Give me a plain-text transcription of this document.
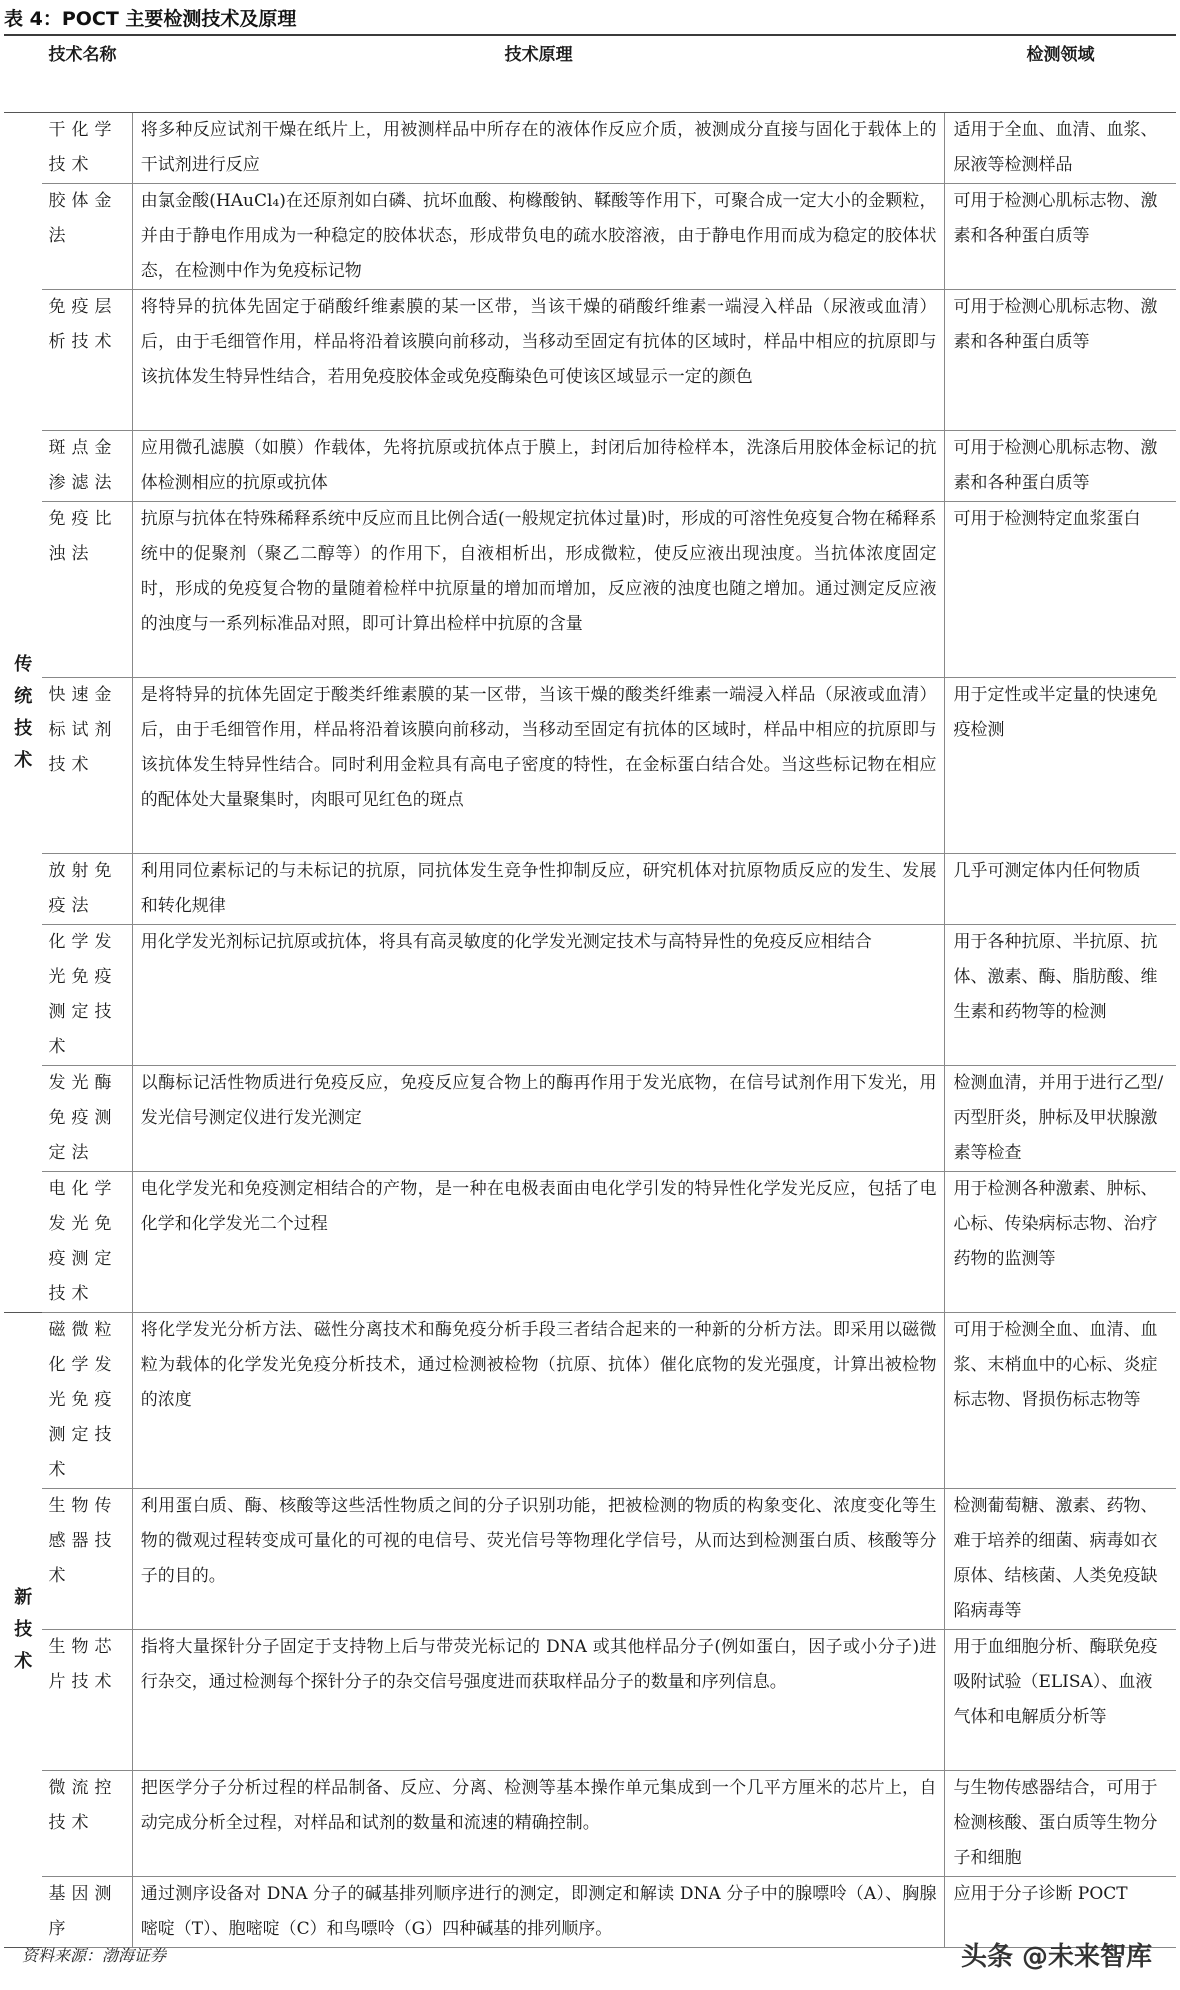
表 4：POCT 主要检测技术及原理

	技术名称	技术原理	检测领域
传统技术	干化学技术	将多种反应试剂干燥在纸片上，用被测样品中所存在的液体作反应介质，被测成分直接与固化于载体上的干试剂进行反应	适用于全血、血清、血浆、尿液等检测样品

	胶体金法	由氯金酸(HAuCl₄)在还原剂如白磷、抗坏血酸、枸橼酸钠、鞣酸等作用下，可聚合成一定大小的金颗粒，并由于静电作用成为一种稳定的胶体状态，形成带负电的疏水胶溶液，由于静电作用而成为稳定的胶体状态，在检测中作为免疫标记物	可用于检测心肌标志物、激素和各种蛋白质等

	免疫层析技术	将特异的抗体先固定于硝酸纤维素膜的某一区带，当该干燥的硝酸纤维素一端浸入样品（尿液或血清）后，由于毛细管作用，样品将沿着该膜向前移动，当移动至固定有抗体的区域时，样品中相应的抗原即与该抗体发生特异性结合，若用免疫胶体金或免疫酶染色可使该区域显示一定的颜色	可用于检测心肌标志物、激素和各种蛋白质等

	斑点金渗滤法	应用微孔滤膜（如膜）作载体，先将抗原或抗体点于膜上，封闭后加待检样本，洗涤后用胶体金标记的抗体检测相应的抗原或抗体	可用于检测心肌标志物、激素和各种蛋白质等

	免疫比浊法	抗原与抗体在特殊稀释系统中反应而且比例合适(一般规定抗体过量)时，形成的可溶性免疫复合物在稀释系统中的促聚剂（聚乙二醇等）的作用下，自液相析出，形成微粒，使反应液出现浊度。当抗体浓度固定时，形成的免疫复合物的量随着检样中抗原量的增加而增加，反应液的浊度也随之增加。通过测定反应液的浊度与一系列标准品对照，即可计算出检样中抗原的含量	可用于检测特定血浆蛋白

	快速金标试剂技术	是将特异的抗体先固定于酸类纤维素膜的某一区带，当该干燥的酸类纤维素一端浸入样品（尿液或血清）后，由于毛细管作用，样品将沿着该膜向前移动，当移动至固定有抗体的区域时，样品中相应的抗原即与该抗体发生特异性结合。同时利用金粒具有高电子密度的特性，在金标蛋白结合处。当这些标记物在相应的配体处大量聚集时，肉眼可见红色的斑点	用于定性或半定量的快速免疫检测

	放射免疫法	利用同位素标记的与未标记的抗原，同抗体发生竞争性抑制反应，研究机体对抗原物质反应的发生、发展和转化规律	几乎可测定体内任何物质

	化学发光免疫测定技术	用化学发光剂标记抗原或抗体，将具有高灵敏度的化学发光测定技术与高特异性的免疫反应相结合	用于各种抗原、半抗原、抗体、激素、酶、脂肪酸、维生素和药物等的检测

	发光酶免疫测定法	以酶标记活性物质进行免疫反应，免疫反应复合物上的酶再作用于发光底物，在信号试剂作用下发光，用发光信号测定仪进行发光测定	检测血清，并用于进行乙型/丙型肝炎，肿标及甲状腺激素等检查

	电化学发光免疫测定技术	电化学发光和免疫测定相结合的产物，是一种在电极表面由电化学引发的特异性化学发光反应，包括了电化学和化学发光二个过程	用于检测各种激素、肿标、心标、传染病标志物、治疗药物的监测等
新技术	磁微粒化学发光免疫测定技术	将化学发光分析方法、磁性分离技术和酶免疫分析手段三者结合起来的一种新的分析方法。即采用以磁微粒为载体的化学发光免疫分析技术，通过检测被检物（抗原、抗体）催化底物的发光强度，计算出被检物的浓度	可用于检测全血、血清、血浆、末梢血中的心标、炎症标志物、肾损伤标志物等

	生物传感器技术	利用蛋白质、酶、核酸等这些活性物质之间的分子识别功能，把被检测的物质的构象变化、浓度变化等生物的微观过程转变成可量化的可视的电信号、荧光信号等物理化学信号，从而达到检测蛋白质、核酸等分子的目的。	检测葡萄糖、激素、药物、难于培养的细菌、病毒如衣原体、结核菌、人类免疫缺陷病毒等

	生物芯片技术	指将大量探针分子固定于支持物上后与带荧光标记的 DNA 或其他样品分子(例如蛋白，因子或小分子)进行杂交，通过检测每个探针分子的杂交信号强度进而获取样品分子的数量和序列信息。	用于血细胞分析、酶联免疫吸附试验（ELISA）、血液气体和电解质分析等

	微流控技术	把医学分子分析过程的样品制备、反应、分离、检测等基本操作单元集成到一个几平方厘米的芯片上，自动完成分析全过程，对样品和试剂的数量和流速的精确控制。	与生物传感器结合，可用于检测核酸、蛋白质等生物分子和细胞

	基因测序	通过测序设备对 DNA 分子的碱基排列顺序进行的测定，即测定和解读 DNA 分子中的腺嘌呤（A）、胸腺嘧啶（T）、胞嘧啶（C）和鸟嘌呤（G）四种碱基的排列顺序。	应用于分子诊断 POCT
资料来源：渤海证券	头条 @未来智库
